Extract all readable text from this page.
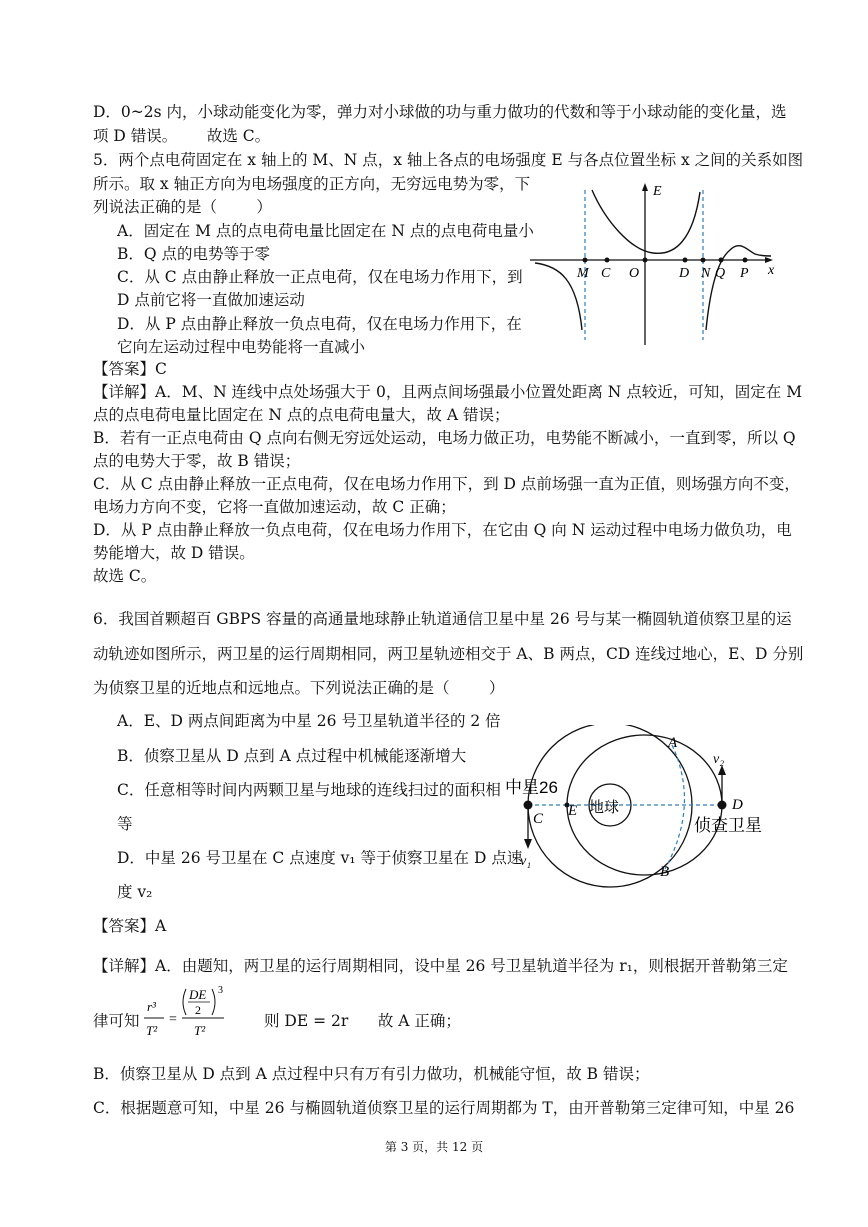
D．0~2s 内，小球动能变化为零，弹力对小球做的功与重力做功的代数和等于小球动能的变化量，选
项 D 错误。      故选 C。
5．两个点电荷固定在 x 轴上的 M、N 点，x 轴上各点的电场强度 E 与各点位置坐标 x 之间的关系如图
所示。取 x 轴正方向为电场强度的正方向，无穷远电势为零，下
列说法正确的是（        ）
A．固定在 M 点的点电荷电量比固定在 N 点的点电荷电量小
B．Q 点的电势等于零
C．从 C 点由静止释放一正点电荷，仅在电场力作用下，到
D 点前它将一直做加速运动
D．从 P 点由静止释放一负点电荷，仅在电场力作用下，在
它向左运动过程中电势能将一直减小
【答案】C
【详解】A．M、N 连线中点处场强大于 0，且两点间场强最小位置处距离 N 点较近，可知，固定在 M
点的点电荷电量比固定在 N 点的点电荷电量大，故 A 错误；
B．若有一正点电荷由 Q 点向右侧无穷远处运动，电场力做正功，电势能不断减小，一直到零，所以 Q
点的电势大于零，故 B 错误；
C．从 C 点由静止释放一正点电荷，仅在电场力作用下，到 D 点前场强一直为正值，则场强方向不变，
电场力方向不变，它将一直做加速运动，故 C 正确；
D．从 P 点由静止释放一负点电荷，仅在电场力作用下，在它由 Q 向 N 运动过程中电场力做负功，电
势能增大，故 D 错误。
故选 C。
E
M C O	D N Q P x
6．我国首颗超百 GBPS 容量的高通量地球静止轨道通信卫星中星 26 号与某一椭圆轨道侦察卫星的运
动轨迹如图所示，两卫星的运行周期相同，两卫星轨迹相交于 A、B 两点，CD 连线过地心，E、D 分别
为侦察卫星的近地点和远地点。下列说法正确的是（        ）
A．E、D 两点间距离为中星 26 号卫星轨道半径的 2 倍
B．侦察卫星从 D 点到 A 点过程中机械能逐渐增大
C．任意相等时间内两颗卫星与地球的连线扫过的面积相
等
D．中星 26 号卫星在 C 点速度 v₁ 等于侦察卫星在 D 点速
度 v₂
【答案】A
【详解】A．由题知，两卫星的运行周期相同，设中星 26 号卫星轨道半径为 r₁，则根据开普勒第三定
律可知
r³
T²
=
DE
2
3
T²
则 DE = 2r      故 A 正确；
B．侦察卫星从 D 点到 A 点过程中只有万有引力做功，机械能守恒，故 B 错误；
C．根据题意可知，中星 26 与椭圆轨道侦察卫星的运行周期都为 T，由开普勒第三定律可知，中星 26
A
B
C
D
E 地球
中星26
侦查卫星
v₁
v₂
第 3 页，共 12 页
